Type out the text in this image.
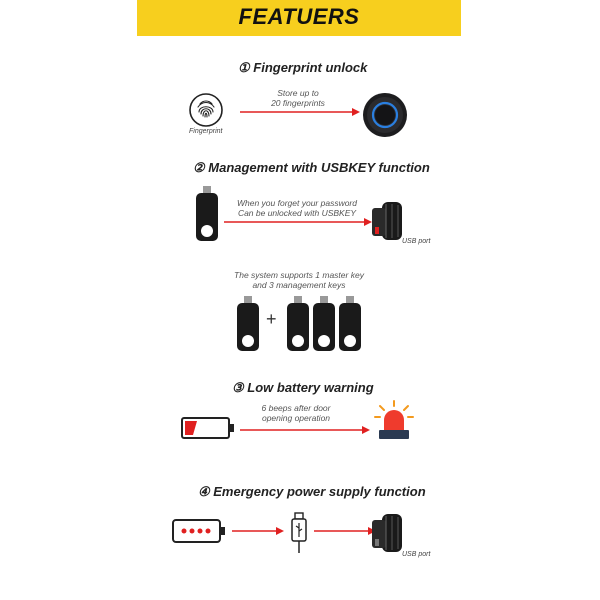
FEATUERS
① Fingerprint unlock
Fingerprint
Store up to
20 fingerprints
② Management with USBKEY function
When you forget your password
Can be unlocked with USBKEY
USB port
The system supports 1 master key
and 3 management keys
+
③ Low battery warning
6 beeps after door
opening operation
④ Emergency power supply function
USB port
